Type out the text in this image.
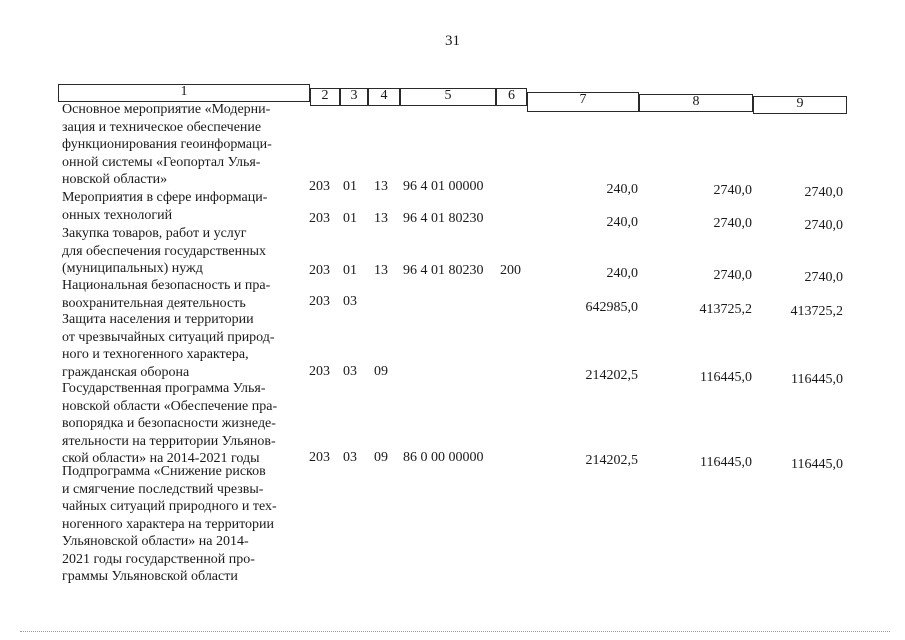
31
1	2	3	4	5	6	7	8	9
Основное мероприятие «Модерни-
зация и техническое обеспечение
функционирования геоинформаци-
онной системы «Геопортал Улья-
новской области»	203 01 13 96 4 01 00000	240,0	2740,0	2740,0
Мероприятия в сфере информаци-
онных технологий	203 01 13 96 4 01 80230	240,0	2740,0	2740,0
Закупка товаров, работ и услуг
для обеспечения государственных
(муниципальных) нужд	203 01 13 96 4 01 80230 200	240,0	2740,0	2740,0
Национальная безопасность и пра-
воохранительная деятельность	203 03	642985,0	413725,2	413725,2
Защита населения и территории
от чрезвычайных ситуаций природ-
ного и техногенного характера,
гражданская оборона	203 03 09	214202,5	116445,0	116445,0
Государственная программа Улья-
новской области «Обеспечение пра-
вопорядка и безопасности жизнеде-
ятельности на территории Ульянов-
ской области» на 2014-2021 годы	203 03 09 86 0 00 00000	214202,5	116445,0	116445,0
Подпрограмма «Снижение рисков
и смягчение последствий чрезвы-
чайных ситуаций природного и тех-
ногенного характера на территории
Ульяновской области» на 2014-
2021 годы государственной про-
граммы Ульяновской области
